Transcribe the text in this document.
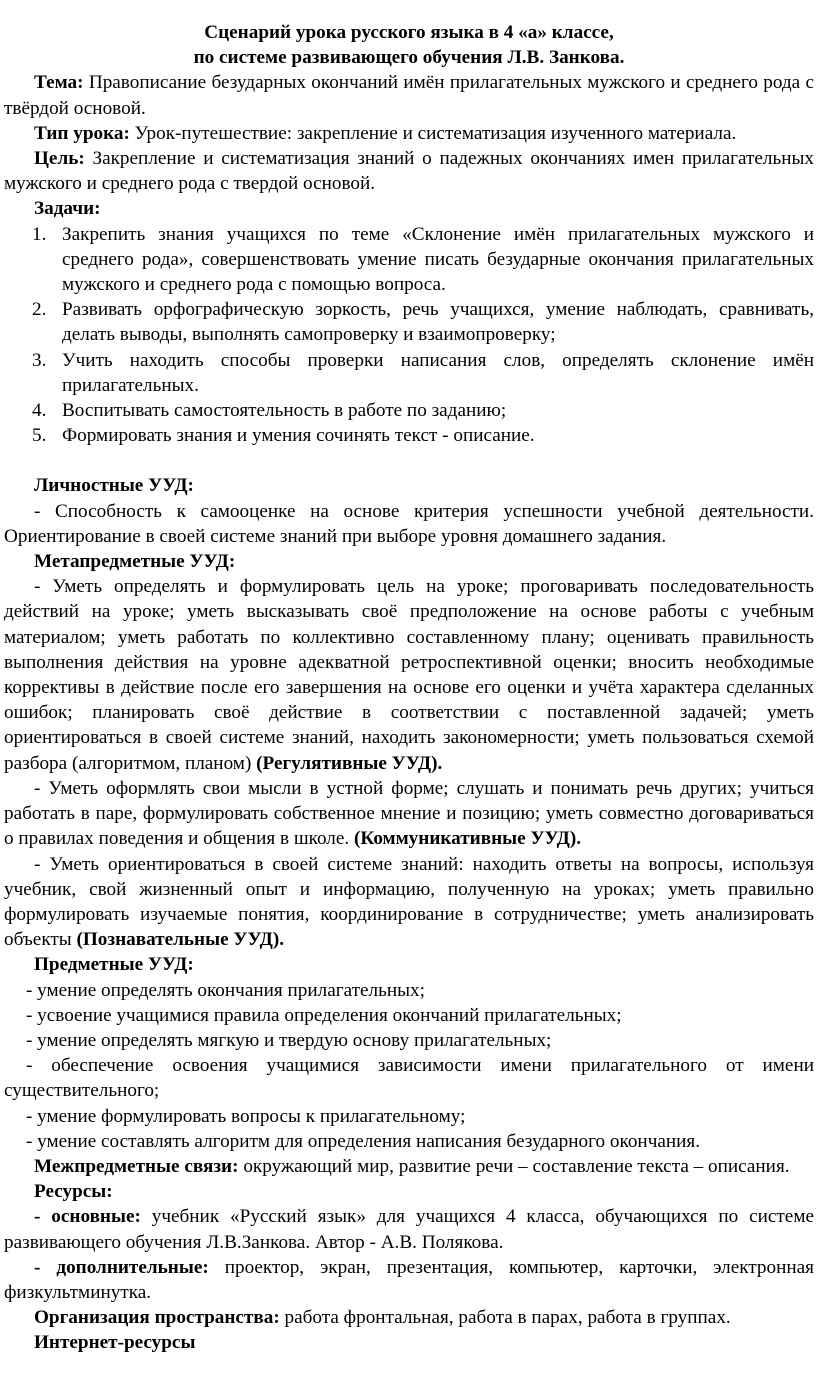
Сценарий урока русского языка в 4 «а» классе,

по системе развивающего обучения Л.В. Занкова.

Тема: Правописание безударных окончаний имён прилагательных мужского и среднего рода с твёрдой основой.

Тип урока: Урок-путешествие: закрепление и систематизация изученного материала.

Цель: Закрепление и систематизация знаний о падежных окончаниях имен прилагательных мужского и среднего рода с твердой основой.

Задачи:

1. Закрепить знания учащихся по теме «Склонение имён прилагательных мужского и среднего рода», совершенствовать умение писать безударные окончания прилагательных мужского и среднего рода с помощью вопроса.
2. Развивать орфографическую зоркость, речь учащихся, умение наблюдать, сравнивать, делать выводы, выполнять самопроверку и взаимопроверку;
3. Учить находить способы проверки написания слов, определять склонение имён прилагательных.
4. Воспитывать самостоятельность в работе по заданию;
5. Формировать знания и умения сочинять текст - описание.

Личностные УУД:

- Способность к самооценке на основе критерия успешности учебной деятельности. Ориентирование в своей системе знаний при выборе уровня домашнего задания.

Метапредметные УУД:

- Уметь определять и формулировать цель на уроке; проговаривать последовательность действий на уроке; уметь высказывать своё предположение на основе работы с учебным материалом; уметь работать по коллективно составленному плану; оценивать правильность выполнения действия на уровне адекватной ретроспективной оценки; вносить необходимые коррективы в действие после его завершения на основе его оценки и учёта характера сделанных ошибок; планировать своё действие в соответствии с поставленной задачей; уметь ориентироваться в своей системе знаний, находить закономерности; уметь пользоваться схемой разбора (алгоритмом, планом) (Регулятивные УУД).

- Уметь оформлять свои мысли в устной форме; слушать и понимать речь других; учиться работать в паре, формулировать собственное мнение и позицию; уметь совместно договариваться о правилах поведения и общения в школе. (Коммуникативные УУД).

- Уметь ориентироваться в своей системе знаний: находить ответы на вопросы, используя учебник, свой жизненный опыт и информацию, полученную на уроках; уметь правильно формулировать изучаемые понятия, координирование в сотрудничестве; уметь анализировать объекты (Познавательные УУД).

Предметные УУД:

- умение определять окончания прилагательных;

- усвоение учащимися правила определения окончаний прилагательных;

- умение определять мягкую и твердую основу прилагательных;

- обеспечение освоения учащимися зависимости имени прилагательного от имени существительного;

- умение формулировать вопросы к прилагательному;

- умение составлять алгоритм для определения написания безударного окончания.

Межпредметные связи: окружающий мир, развитие речи – составление текста – описания.

Ресурсы:

- основные: учебник «Русский язык» для учащихся 4 класса, обучающихся по системе развивающего обучения Л.В.Занкова. Автор - А.В. Полякова.

- дополнительные: проектор, экран, презентация, компьютер, карточки, электронная физкультминутка.

Организация пространства: работа фронтальная, работа в парах, работа в группах.

Интернет-ресурсы
